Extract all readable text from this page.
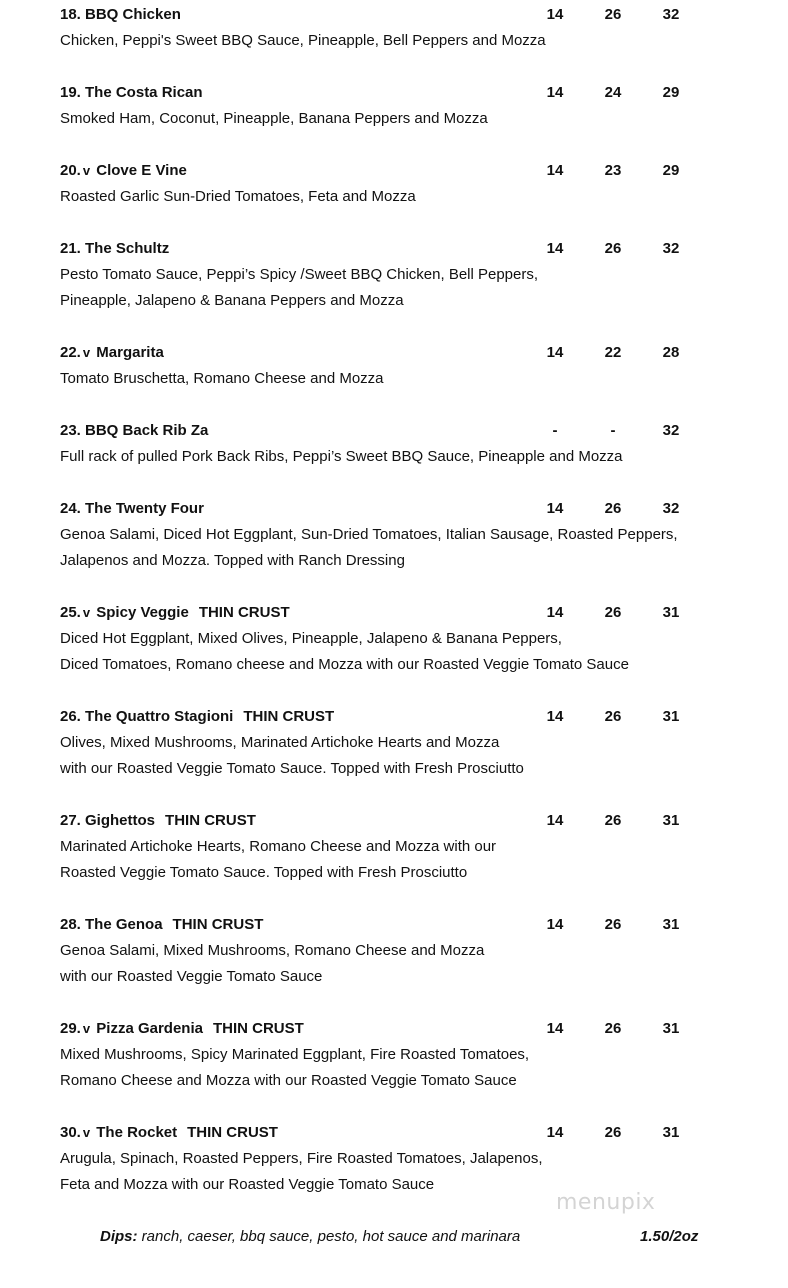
18. BBQ Chicken	14	26	32
Chicken, Peppi's Sweet BBQ Sauce, Pineapple, Bell Peppers and Mozza
19. The Costa Rican	14	24	29
Smoked Ham, Coconut, Pineapple, Banana Peppers and Mozza
20. v Clove E Vine	14	23	29
Roasted Garlic Sun-Dried Tomatoes, Feta and Mozza
21. The Schultz	14	26	32
Pesto Tomato Sauce, Peppi’s Spicy /Sweet BBQ Chicken, Bell Peppers,
Pineapple, Jalapeno & Banana Peppers and Mozza
22. v Margarita	14	22	28
Tomato Bruschetta, Romano Cheese and Mozza
23. BBQ Back Rib Za	-	-	32
Full rack of pulled Pork Back Ribs, Peppi’s Sweet BBQ Sauce, Pineapple and Mozza
24. The Twenty Four	14	26	32
Genoa Salami, Diced Hot Eggplant, Sun-Dried Tomatoes, Italian Sausage, Roasted Peppers,
Jalapenos and Mozza. Topped with Ranch Dressing
25. v Spicy Veggie THIN CRUST	14	26	31
Diced Hot Eggplant, Mixed Olives, Pineapple, Jalapeno & Banana Peppers,
Diced Tomatoes, Romano cheese and Mozza with our Roasted Veggie Tomato Sauce
26. The Quattro Stagioni THIN CRUST	14	26	31
Olives, Mixed Mushrooms, Marinated Artichoke Hearts and Mozza
with our Roasted Veggie Tomato Sauce. Topped with Fresh Prosciutto
27. Gighettos THIN CRUST	14	26	31
Marinated Artichoke Hearts, Romano Cheese and Mozza with our
Roasted Veggie Tomato Sauce. Topped with Fresh Prosciutto
28. The Genoa THIN CRUST	14	26	31
Genoa Salami, Mixed Mushrooms, Romano Cheese and Mozza
with our Roasted Veggie Tomato Sauce
29. v Pizza Gardenia THIN CRUST	14	26	31
Mixed Mushrooms, Spicy Marinated Eggplant, Fire Roasted Tomatoes,
Romano Cheese and Mozza with our Roasted Veggie Tomato Sauce
30. v The Rocket THIN CRUST	14	26	31
Arugula, Spinach, Roasted Peppers, Fire Roasted Tomatoes, Jalapenos,
Feta and Mozza with our Roasted Veggie Tomato Sauce
Dips: ranch, caeser, bbq sauce, pesto, hot sauce and marinara	1.50/2oz
menupix
